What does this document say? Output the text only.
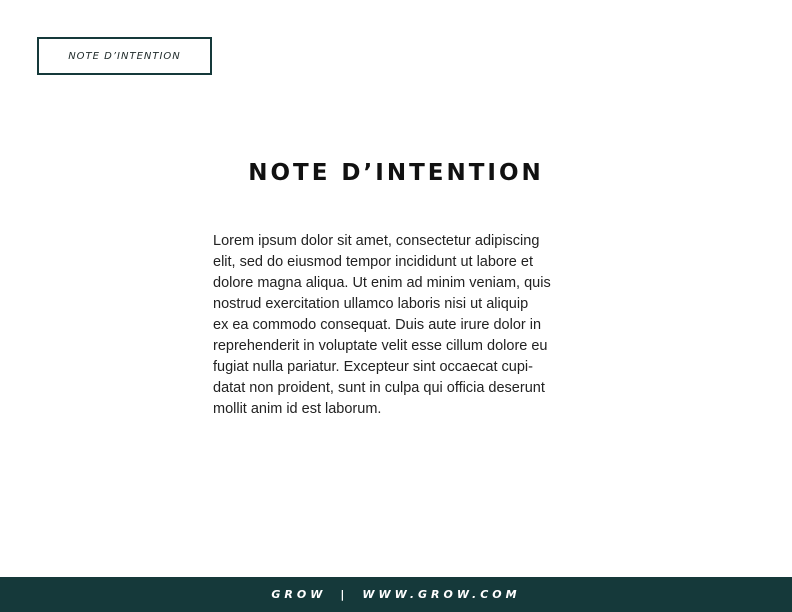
NOTE D’INTENTION
NOTE D’INTENTION
Lorem ipsum dolor sit amet, consectetur adipiscing
elit, sed do eiusmod tempor incididunt ut labore et
dolore magna aliqua. Ut enim ad minim veniam, quis
nostrud exercitation ullamco laboris nisi ut aliquip
ex ea commodo consequat. Duis aute irure dolor in
reprehenderit in voluptate velit esse cillum dolore eu
fugiat nulla pariatur. Excepteur sint occaecat cupi-
datat non proident, sunt in culpa qui officia deserunt
mollit anim id est laborum.
GROW | WWW.GROW.COM
